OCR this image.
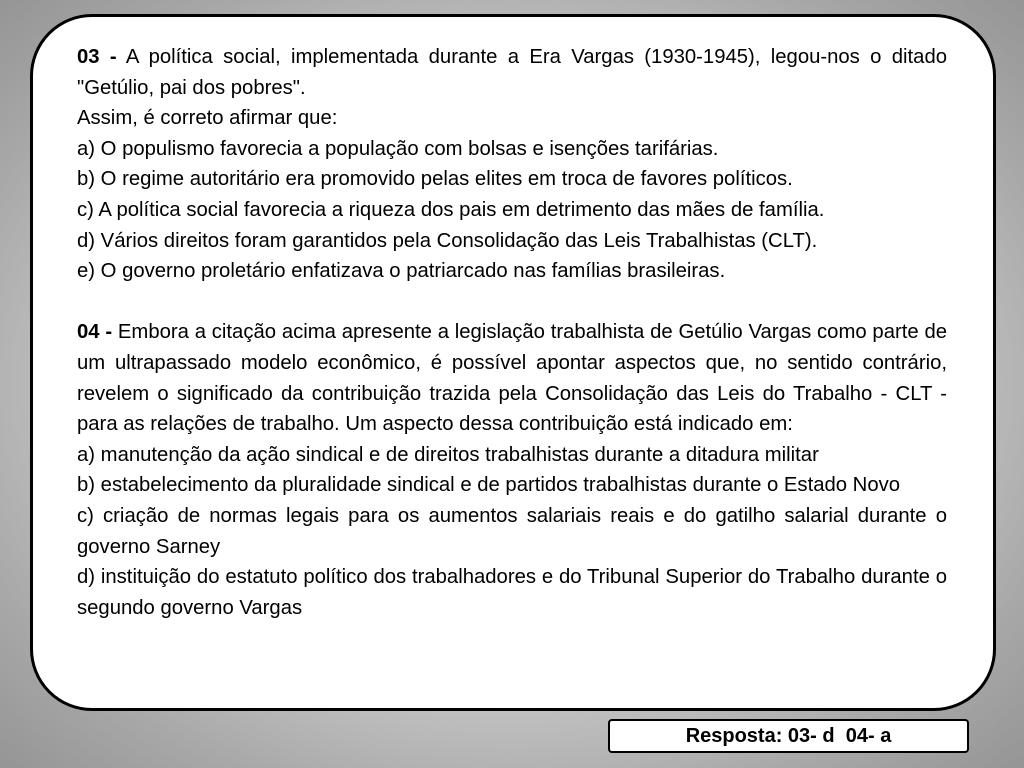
03 - A política social, implementada durante a Era Vargas (1930-1945), legou-nos o ditado "Getúlio, pai dos pobres".
Assim, é correto afirmar que:
a) O populismo favorecia a população com bolsas e isenções tarifárias.
b) O regime autoritário era promovido pelas elites em troca de favores políticos.
c) A política social favorecia a riqueza dos pais em detrimento das mães de família.
d) Vários direitos foram garantidos pela Consolidação das Leis Trabalhistas (CLT).
e) O governo proletário enfatizava o patriarcado nas famílias brasileiras.
04 - Embora a citação acima apresente a legislação trabalhista de Getúlio Vargas como parte de um ultrapassado modelo econômico, é possível apontar aspectos que, no sentido contrário, revelem o significado da contribuição trazida pela Consolidação das Leis do Trabalho - CLT - para as relações de trabalho. Um aspecto dessa contribuição está indicado em:
a) manutenção da ação sindical e de direitos trabalhistas durante a ditadura militar
b) estabelecimento da pluralidade sindical e de partidos trabalhistas durante o Estado Novo
c) criação de normas legais para os aumentos salariais reais e do gatilho salarial durante o governo Sarney
d) instituição do estatuto político dos trabalhadores e do Tribunal Superior do Trabalho durante o segundo governo Vargas
Resposta: 03- d  04- a
